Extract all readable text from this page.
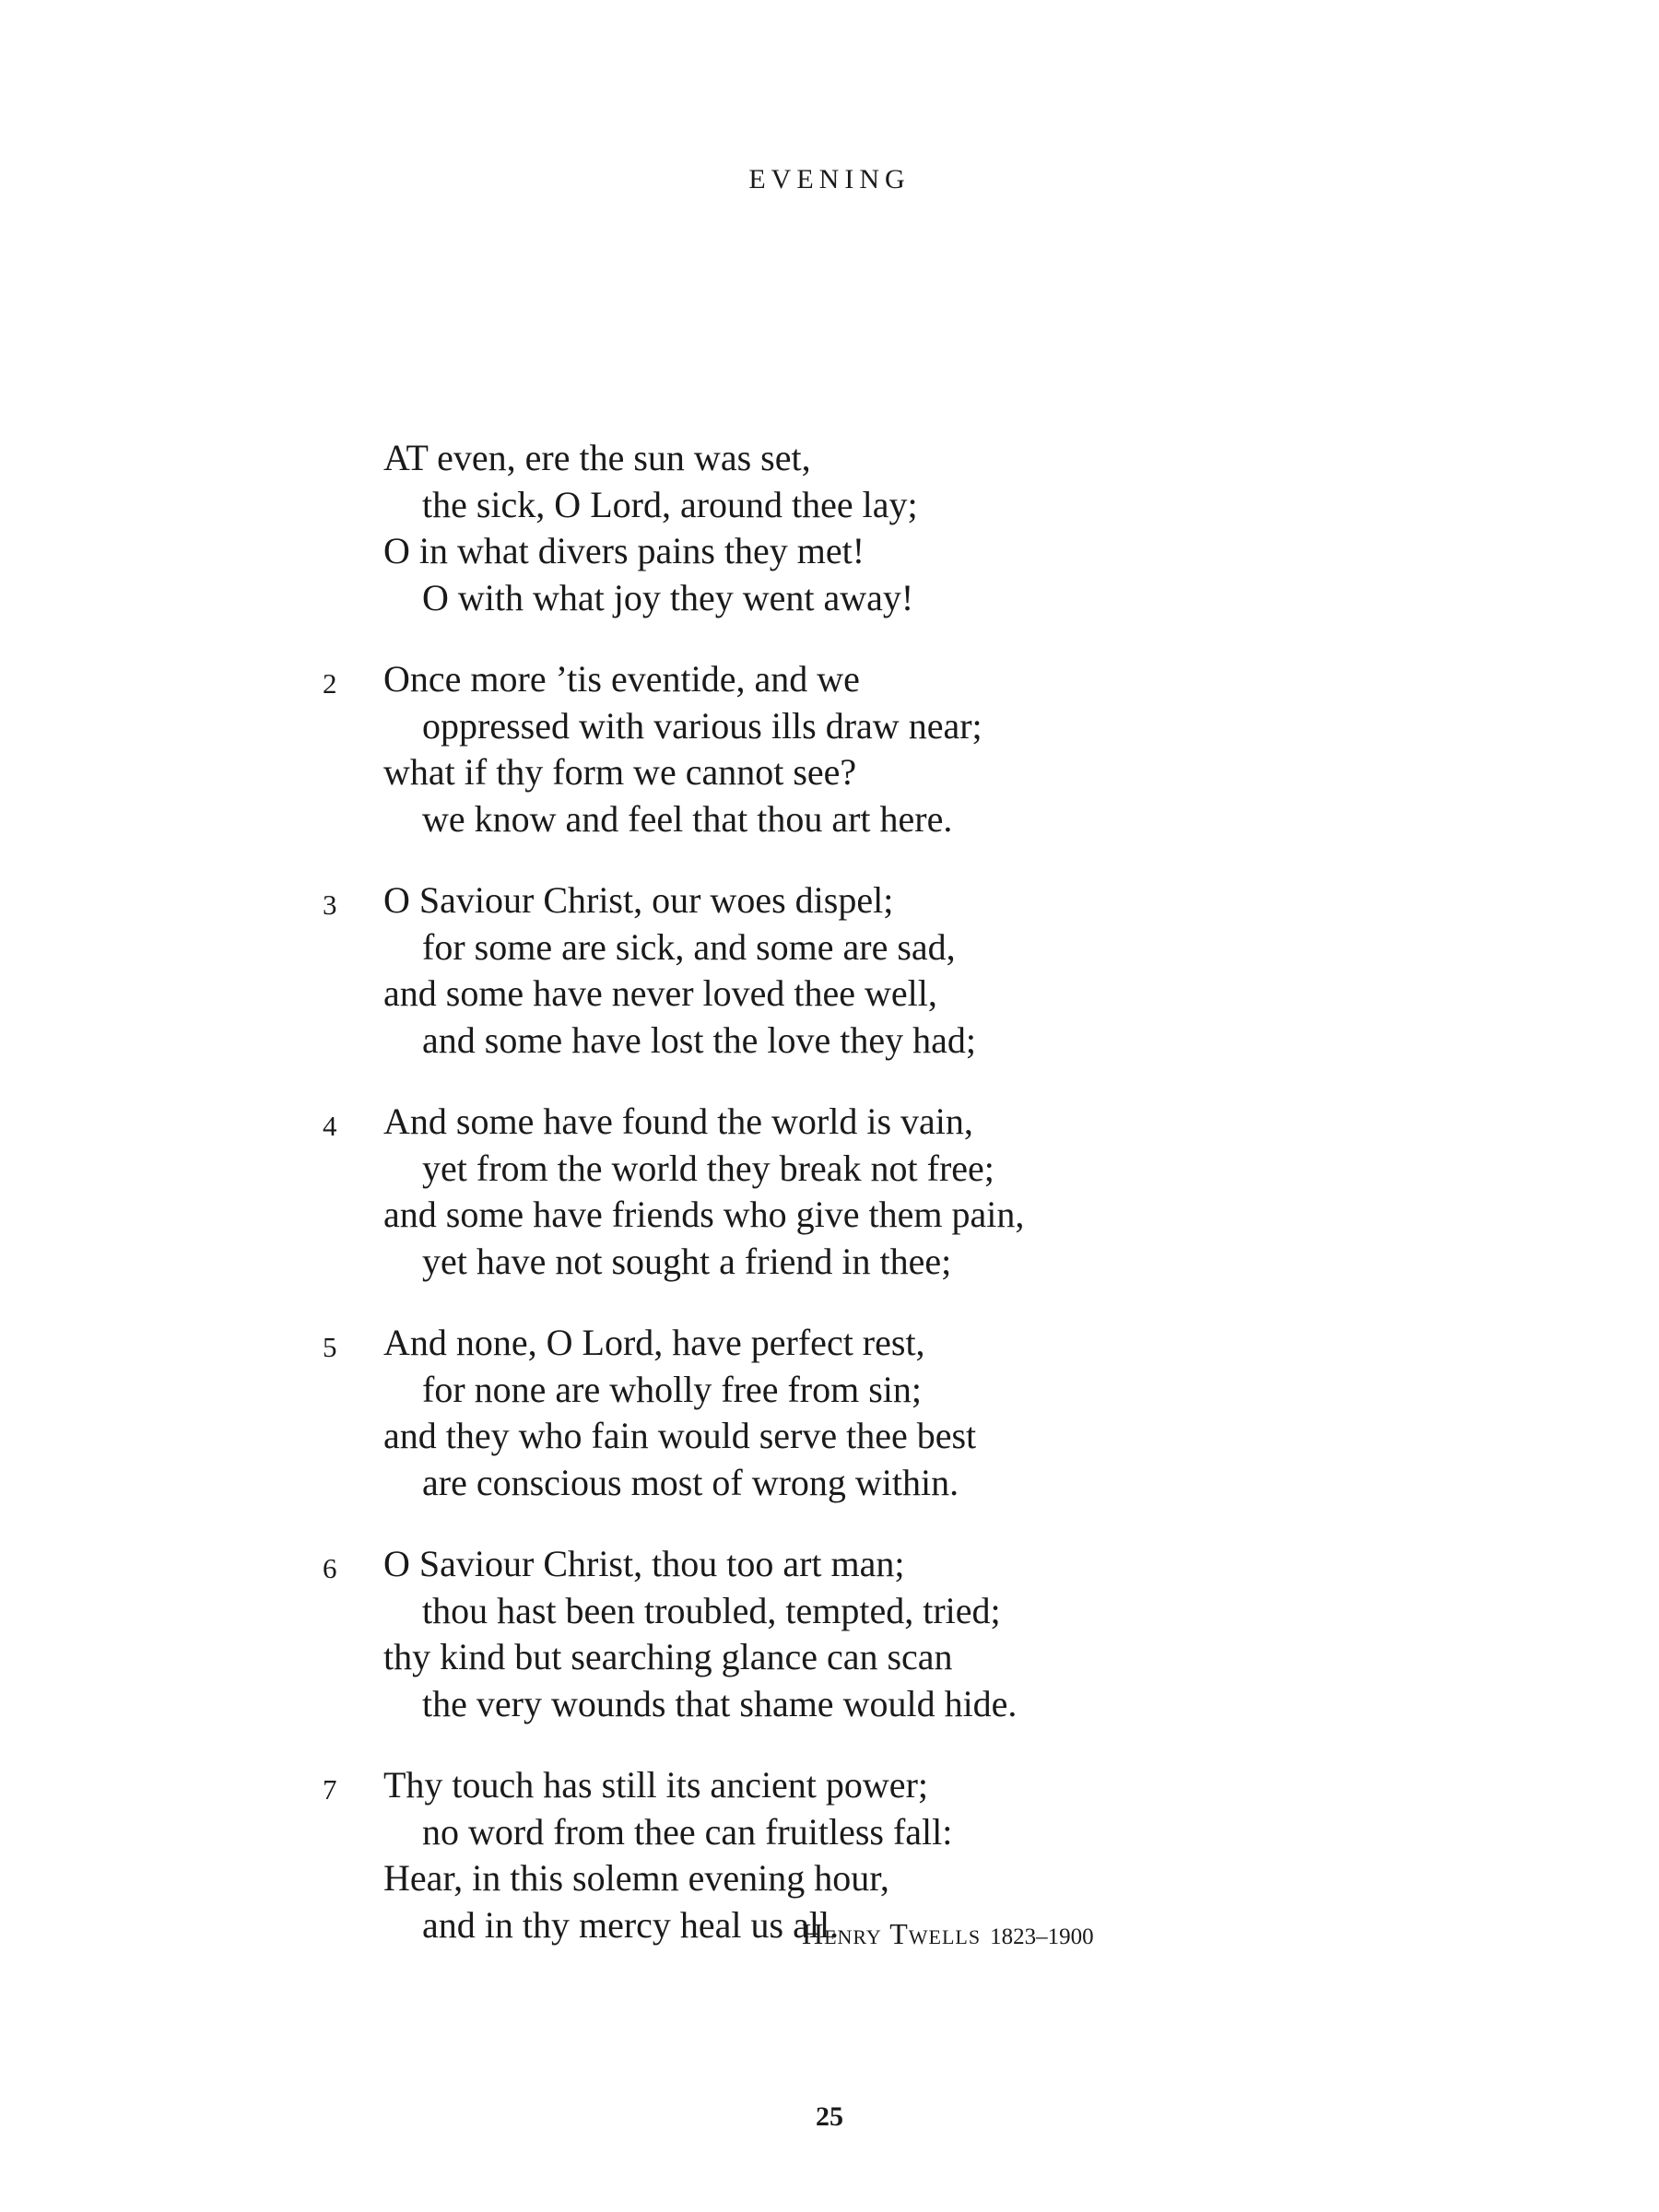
EVENING
AT even, ere the sun was set,
the sick, O Lord, around thee lay;
O in what divers pains they met!
O with what joy they went away!
2	Once more ’tis eventide, and we
oppressed with various ills draw near;
what if thy form we cannot see?
we know and feel that thou art here.
3	O Saviour Christ, our woes dispel;
for some are sick, and some are sad,
and some have never loved thee well,
and some have lost the love they had;
4	And some have found the world is vain,
yet from the world they break not free;
and some have friends who give them pain,
yet have not sought a friend in thee;
5	And none, O Lord, have perfect rest,
for none are wholly free from sin;
and they who fain would serve thee best
are conscious most of wrong within.
6	O Saviour Christ, thou too art man;
thou hast been troubled, tempted, tried;
thy kind but searching glance can scan
the very wounds that shame would hide.
7	Thy touch has still its ancient power;
no word from thee can fruitless fall:
Hear, in this solemn evening hour,
and in thy mercy heal us all.
Henry Twells 1823–1900
25
